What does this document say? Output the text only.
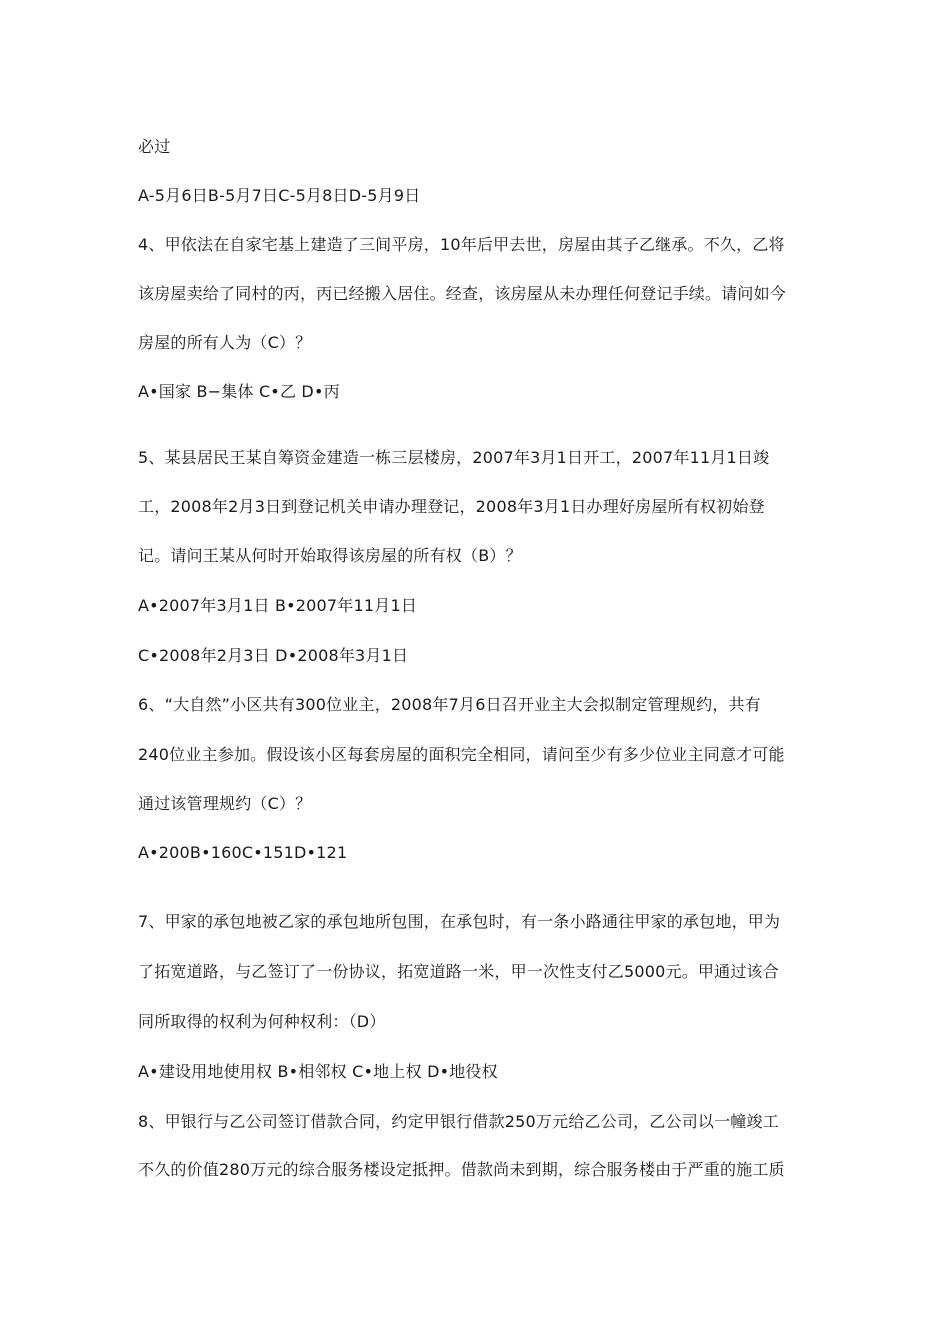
必过
A-5月6日B-5月7日C-5月8日D-5月9日
4、甲依法在自家宅基上建造了三间平房，10年后甲去世，房屋由其子乙继承。不久，乙将
该房屋卖给了同村的丙，丙已经搬入居住。经查，该房屋从未办理任何登记手续。请问如今
房屋的所有人为（C）？
A•国家 B−集体 C•乙 D•丙
5、某县居民王某自筹资金建造一栋三层楼房，2007年3月1日开工，2007年11月1日竣
工，2008年2月3日到登记机关申请办理登记，2008年3月1日办理好房屋所有权初始登
记。请问王某从何时开始取得该房屋的所有权（B）？
A•2007年3月1日 B•2007年11月1日
C•2008年2月3日 D•2008年3月1日
6、“大自然”小区共有300位业主，2008年7月6日召开业主大会拟制定管理规约，共有
240位业主参加。假设该小区每套房屋的面积完全相同，请问至少有多少位业主同意才可能
通过该管理规约（C）？
A•200B•160C•151D•121
7、甲家的承包地被乙家的承包地所包围，在承包时，有一条小路通往甲家的承包地，甲为
了拓宽道路，与乙签订了一份协议，拓宽道路一米，甲一次性支付乙5000元。甲通过该合
同所取得的权利为何种权利：（D）
A•建设用地使用权 B•相邻权 C•地上权 D•地役权
8、甲银行与乙公司签订借款合同，约定甲银行借款250万元给乙公司，乙公司以一幢竣工
不久的价值280万元的综合服务楼设定抵押。借款尚未到期，综合服务楼由于严重的施工质
